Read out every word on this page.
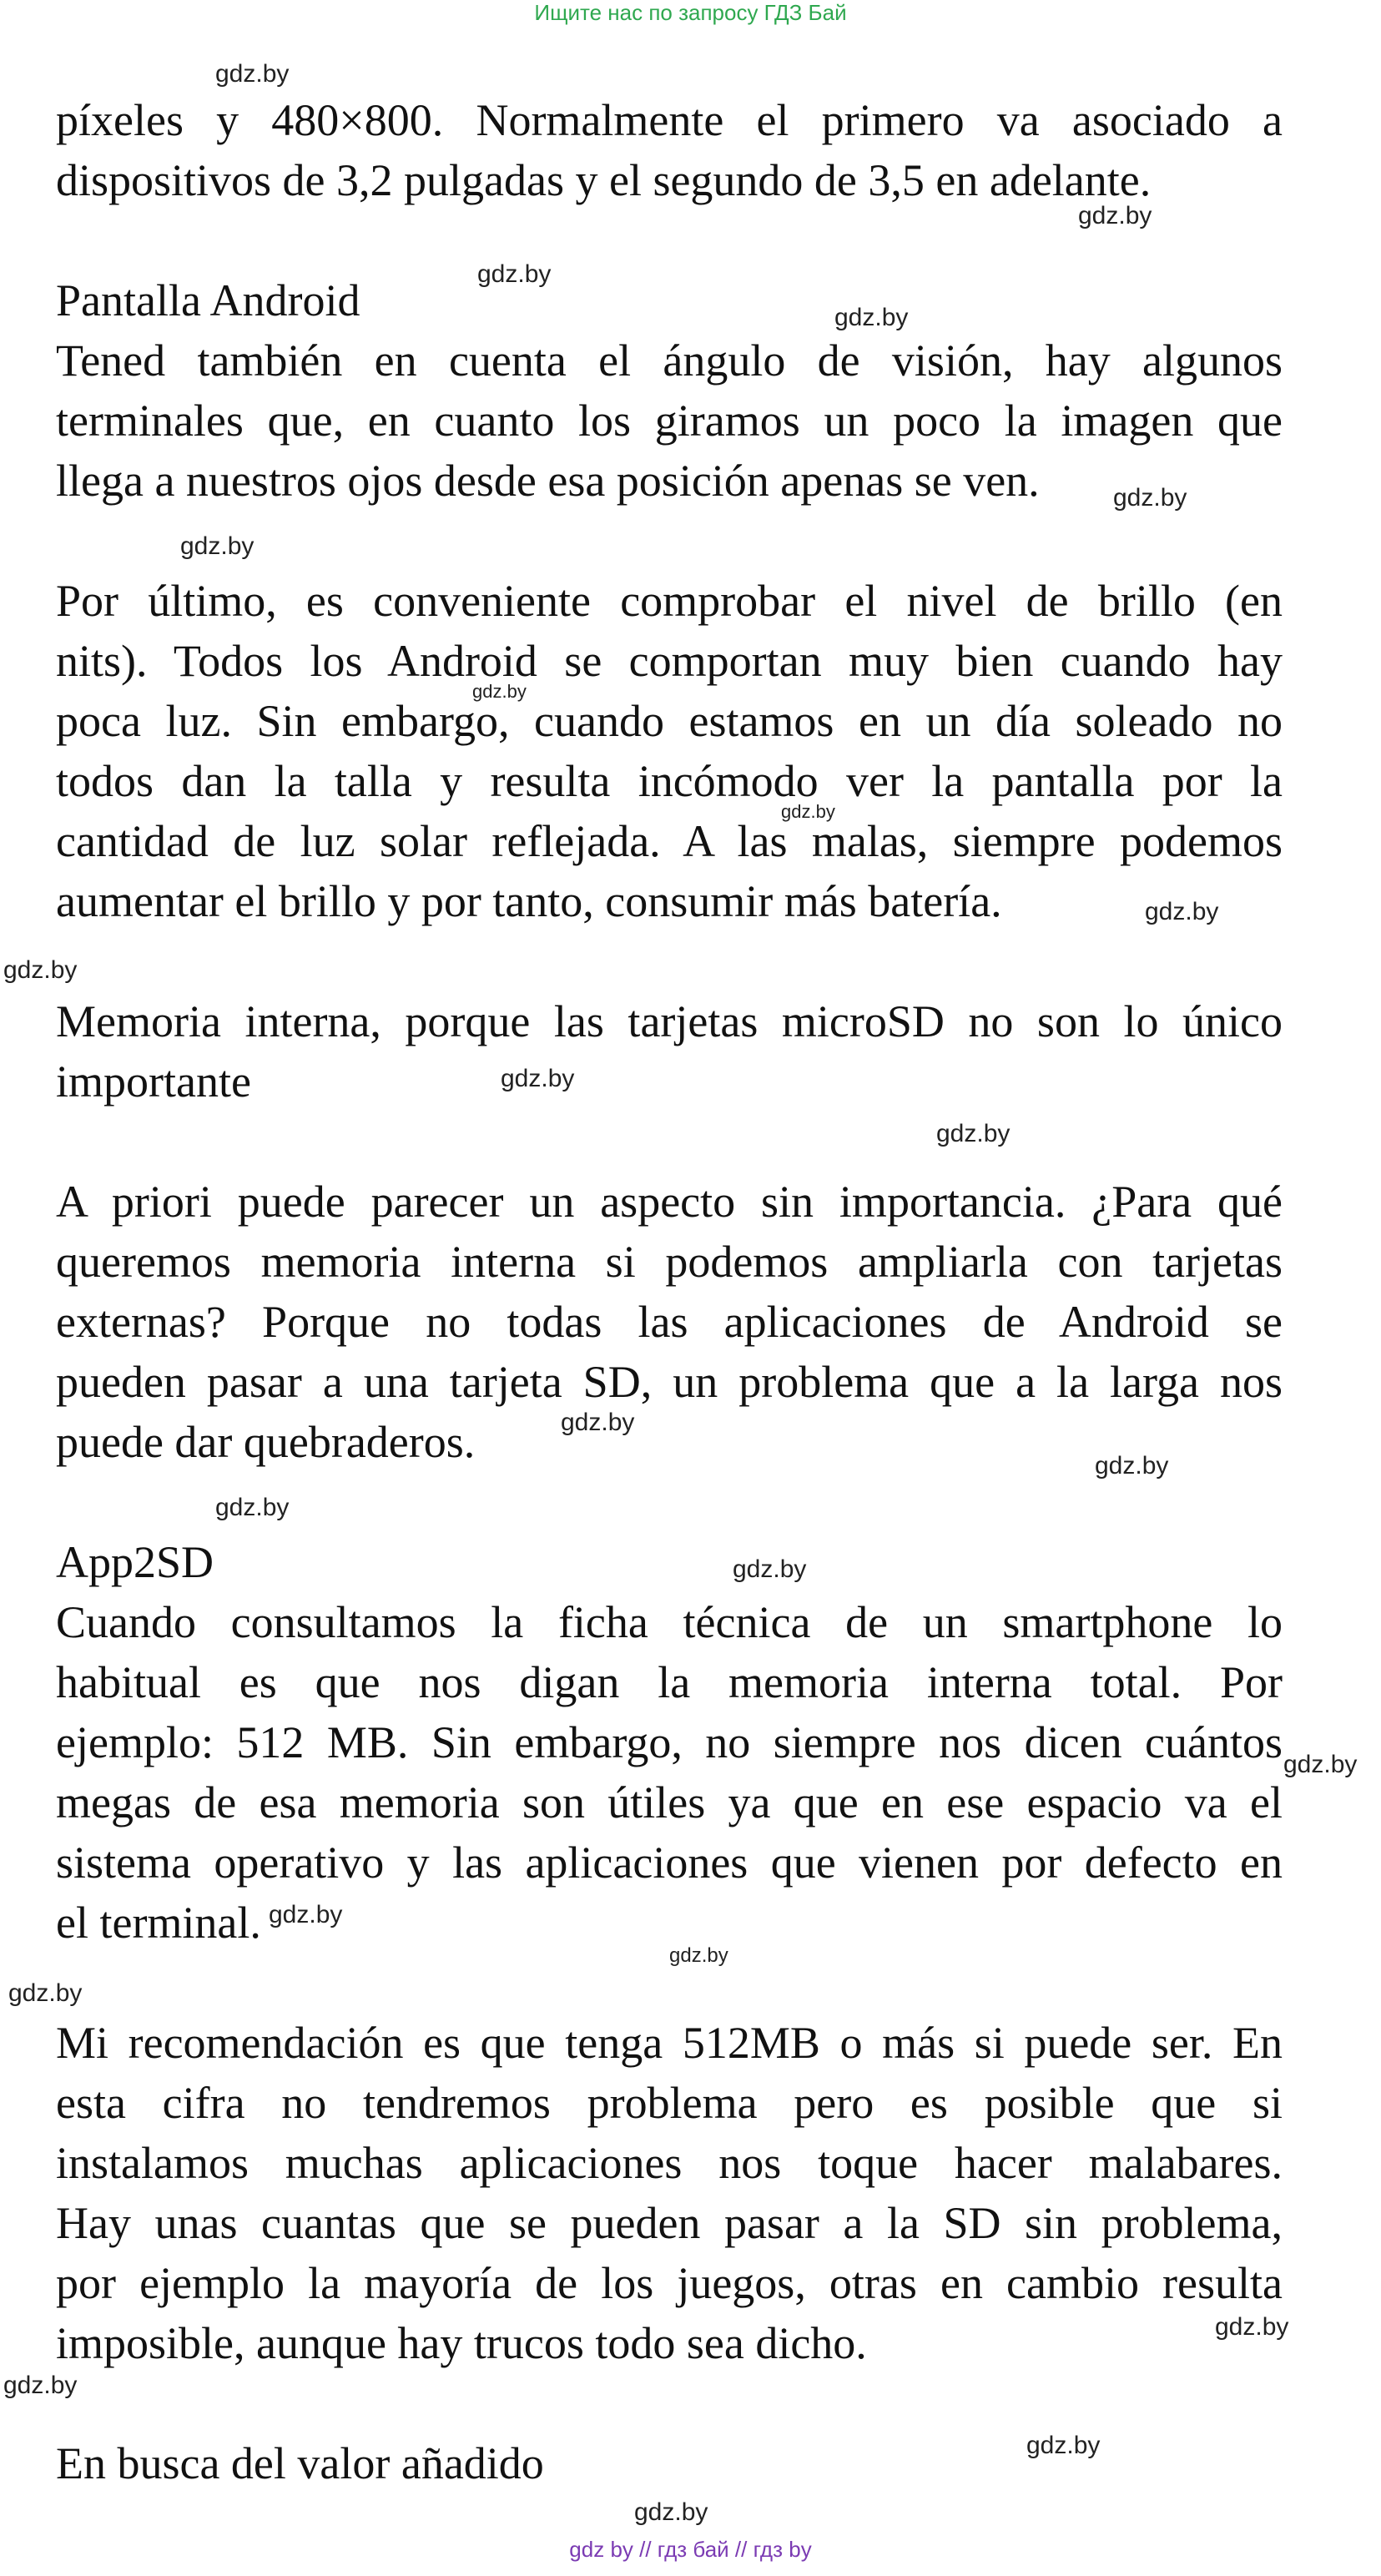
Ищите нас по запросу ГДЗ Бай
píxeles y 480×800. Normalmente el primero va asociado a
dispositivos de 3,2 pulgadas y el segundo de 3,5 en adelante.
Pantalla Android
Tened también en cuenta el ángulo de visión, hay algunos
terminales que, en cuanto los giramos un poco la imagen que
llega a nuestros ojos desde esa posición apenas se ven.
Por último, es conveniente comprobar el nivel de brillo (en
nits). Todos los Android se comportan muy bien cuando hay
poca luz. Sin embargo, cuando estamos en un día soleado no
todos dan la talla y resulta incómodo ver la pantalla por la
cantidad de luz solar reflejada. A las malas, siempre podemos
aumentar el brillo y por tanto, consumir más batería.
Memoria interna, porque las tarjetas microSD no son lo único
importante
A priori puede parecer un aspecto sin importancia. ¿Para qué
queremos memoria interna si podemos ampliarla con tarjetas
externas? Porque no todas las aplicaciones de Android se
pueden pasar a una tarjeta SD, un problema que a la larga nos
puede dar quebraderos.
App2SD
Cuando consultamos la ficha técnica de un smartphone lo
habitual es que nos digan la memoria interna total. Por
ejemplo: 512 MB. Sin embargo, no siempre nos dicen cuántos
megas de esa memoria son útiles ya que en ese espacio va el
sistema operativo y las aplicaciones que vienen por defecto en
el terminal.
Mi recomendación es que tenga 512MB o más si puede ser. En
esta cifra no tendremos problema pero es posible que si
instalamos muchas aplicaciones nos toque hacer malabares.
Hay unas cuantas que se pueden pasar a la SD sin problema,
por ejemplo la mayoría de los juegos, otras en cambio resulta
imposible, aunque hay trucos todo sea dicho.
En busca del valor añadido
gdz.by
gdz.by
gdz.by
gdz.by
gdz.by
gdz.by
gdz.by
gdz.by
gdz.by
gdz.by
gdz.by
gdz.by
gdz.by
gdz.by
gdz.by
gdz.by
gdz.by
gdz.by
gdz.by
gdz.by
gdz.by
gdz.by
gdz.by
gdz.by
gdz by // гдз бай // гдз by
